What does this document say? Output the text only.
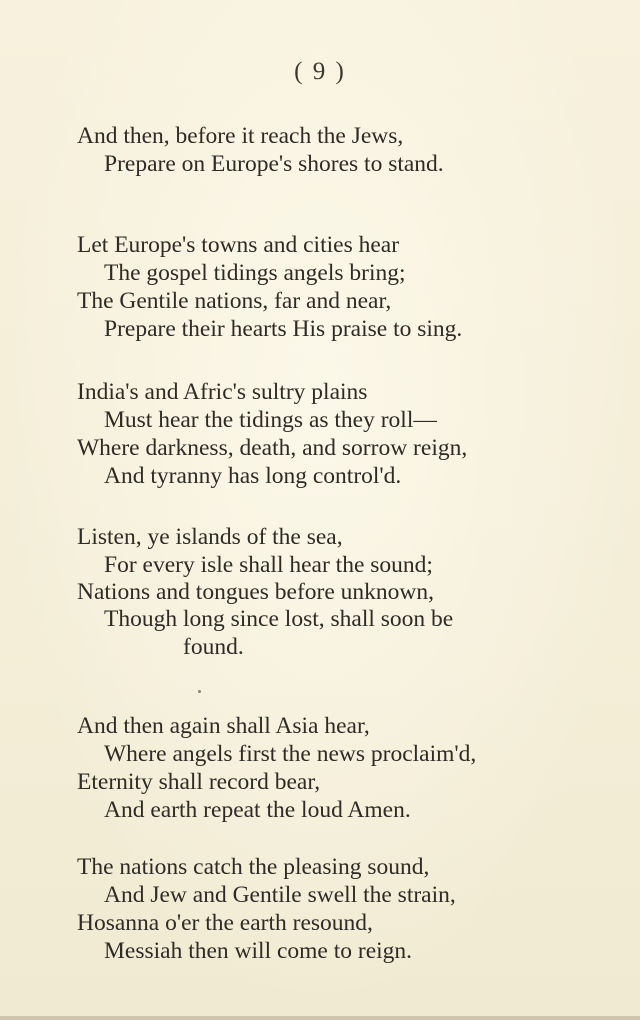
( 9 )
And then, before it reach the Jews,
Prepare on Europe's shores to stand.
Let Europe's towns and cities hear
The gospel tidings angels bring;
The Gentile nations, far and near,
Prepare their hearts His praise to sing.
India's and Afric's sultry plains
Must hear the tidings as they roll—
Where darkness, death, and sorrow reign,
And tyranny has long control'd.
Listen, ye islands of the sea,
For every isle shall hear the sound;
Nations and tongues before unknown,
Though long since lost, shall soon be
found.
And then again shall Asia hear,
Where angels first the news proclaim'd,
Eternity shall record bear,
And earth repeat the loud Amen.
The nations catch the pleasing sound,
And Jew and Gentile swell the strain,
Hosanna o'er the earth resound,
Messiah then will come to reign.
